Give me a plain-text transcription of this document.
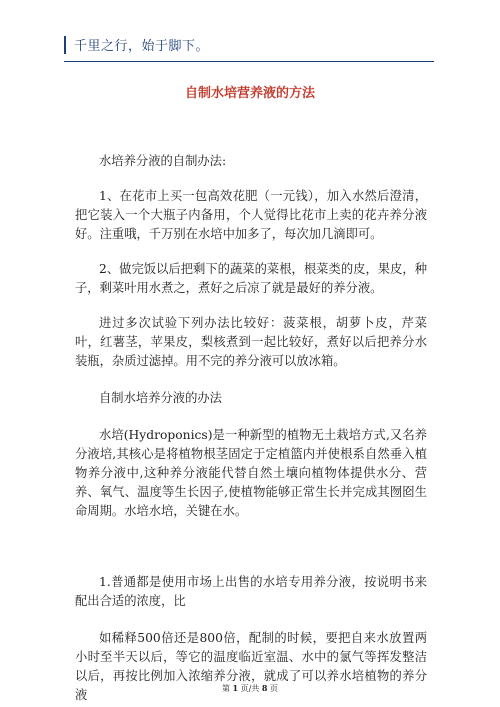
千里之行，始于脚下。
自制水培营养液的方法

水培养分液的自制办法:

1、在花市上买一包高效花肥（一元钱），加入水然后澄清，把它装入一个大瓶子内备用，个人觉得比花市上卖的花卉养分液好。注重哦，千万别在水培中加多了，每次加几滴即可。

2、做完饭以后把剩下的蔬菜的菜根，根菜类的皮，果皮，种子，剩菜叶用水煮之，煮好之后凉了就是最好的养分液。

进过多次试验下列办法比较好：菠菜根，胡萝卜皮，芹菜叶，红薯茎，苹果皮，梨核煮到一起比较好，煮好以后把养分水装瓶，杂质过滤掉。用不完的养分液可以放冰箱。

自制水培养分液的办法

水培(Hydroponics)是一种新型的植物无土栽培方式,又名养分液培,其核心是将植物根茎固定于定植篮内并使根系自然垂入植物养分液中,这种养分液能代替自然土壤向植物体提供水分、营养、氧气、温度等生长因子,使植物能够正常生长并完成其囫囵生命周期。水培水培，关键在水。

1.普通都是使用市场上出售的水培专用养分液，按说明书来配出合适的浓度，比

如稀释500倍还是800倍，配制的时候，要把自来水放置两小时至半天以后，等它的温度临近室温、水中的氯气等挥发整洁以后，再按比例加入浓缩养分液，就成了可以养水培植物的养分液	第 1 页/共 8 页
